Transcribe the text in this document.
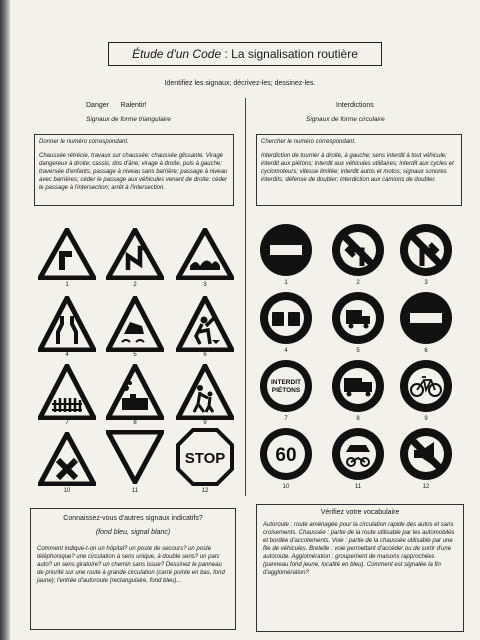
Étude d'un Code : La signalisation routière
Identifiez les signaux; décrivez-les; dessinez-les.
Danger Ralentir!
Signaux de forme triangulaire
Donner le numéro correspondant.
Chaussée rétrécie, travaux sur chaussée; chaussée glissante. Virage dangereux à droite; cassis; dos d'âne; virage à droite, puis à gauche; traversée d'enfants; passage à niveau sans barrière; passage à niveau avec barrières; céder le passage aux véhicules venant de droite; céder le passage à l'intersection; arrêt à l'intersection.
Interdictions
Signaux de forme circulaire
Chercher le numéro correspondant.
Interdiction de tourner à droite, à gauche; sens interdit à tout véhicule; interdit aux piétons; interdit aux véhicules utilitaires; interdit aux cycles et cyclomoteurs; vitesse limitée; interdit autos et motos; signaux sonores interdits; défense de doubler; interdiction aux camions de doubler.
STOP
1	2	3
4	5	6
7	8	9
10	11	12
INTERDIT
PIÉTONS
60
1	2	3
4	5	6
7	8	9
10	11	12
Connaissez-vous d'autres signaux indicatifs?
(fond bleu, signal blanc)

Comment indique-t-on un hôpital? un poste de secours? un poste téléphonique? une circulation à sens unique, à double sens? un parc auto? un sens giratoire? un chemin sans issue? Dessinez le panneau de priorité sur une route à grande circulation (carré pointe en bas, fond jaune); l'entrée d'autoroute (rectangulaire, fond bleu)...

Vérifiez votre vocabulaire

Autoroute : route aménagée pour la circulation rapide des autos et sans croisements. Chaussée : partie de la route utilisable par les automobiles et bordée d'accotements. Voie : partie de la chaussée utilisable par une file de véhicules. Bretelle : voie permettant d'accéder ou de sortir d'une autoroute. Agglomération : groupement de maisons rapprochées (panneau fond jeune, localité en bleu). Comment est signalée la fin d'agglomération?
